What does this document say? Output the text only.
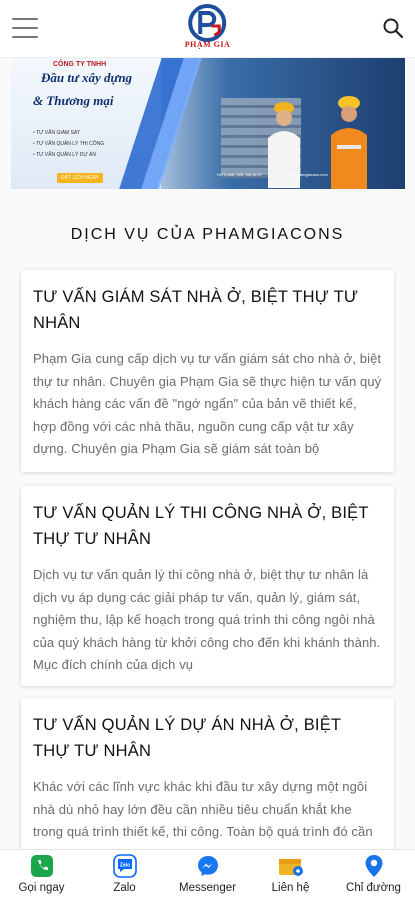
PHẠM GIA
CÔNG TY TNHH
Đầu tư xây dựng
& Thương mại
• TƯ VẤN GIÁM SÁT
• TƯ VẤN QUẢN LÝ THI CÔNG
• TƯ VẤN QUẢN LÝ DỰ ÁN
ĐẶT LỊCH NGAY
HOTLINE: 028 766 28 97	Web: phamgiacons.com
DỊCH VỤ CỦA PHAMGIACONS
TƯ VẤN GIÁM SÁT NHÀ Ở, BIỆT THỰ TƯ NHÂN

Phạm Gia cung cấp dịch vụ tư vấn giám sát cho nhà ở, biệt thự tư nhân. Chuyên gia Phạm Gia sẽ thực hiện tư vấn quý khách hàng các vấn đề "ngớ ngẩn" của bản vẽ thiết kế, hợp đồng với các nhà thầu, nguồn cung cấp vật tư xây dựng. Chuyên gia Phạm Gia sẽ giám sát toàn bộ

TƯ VẤN QUẢN LÝ THI CÔNG NHÀ Ở, BIỆT THỰ TƯ NHÂN

Dịch vụ tư vấn quản lý thi công nhà ở, biệt thự tư nhân là dịch vụ áp dụng các giải pháp tư vấn, quản lý, giám sát, nghiệm thu, lập kế hoạch trong quá trình thi công ngôi nhà của quý khách hàng từ khởi công cho đến khi khánh thành. Mục đích chính của dịch vụ

TƯ VẤN QUẢN LÝ DỰ ÁN NHÀ Ở, BIỆT THỰ TƯ NHÂN

Khác với các lĩnh vực khác khi đầu tư xây dựng một ngôi nhà dù nhỏ hay lớn đều cần nhiều tiêu chuẩn khắt khe trong quá trình thiết kế, thi công. Toàn bộ quá trình đó cần

Gọi ngay
Zalo
Zalo	Messenger	Liên hệ	Chỉ đường
